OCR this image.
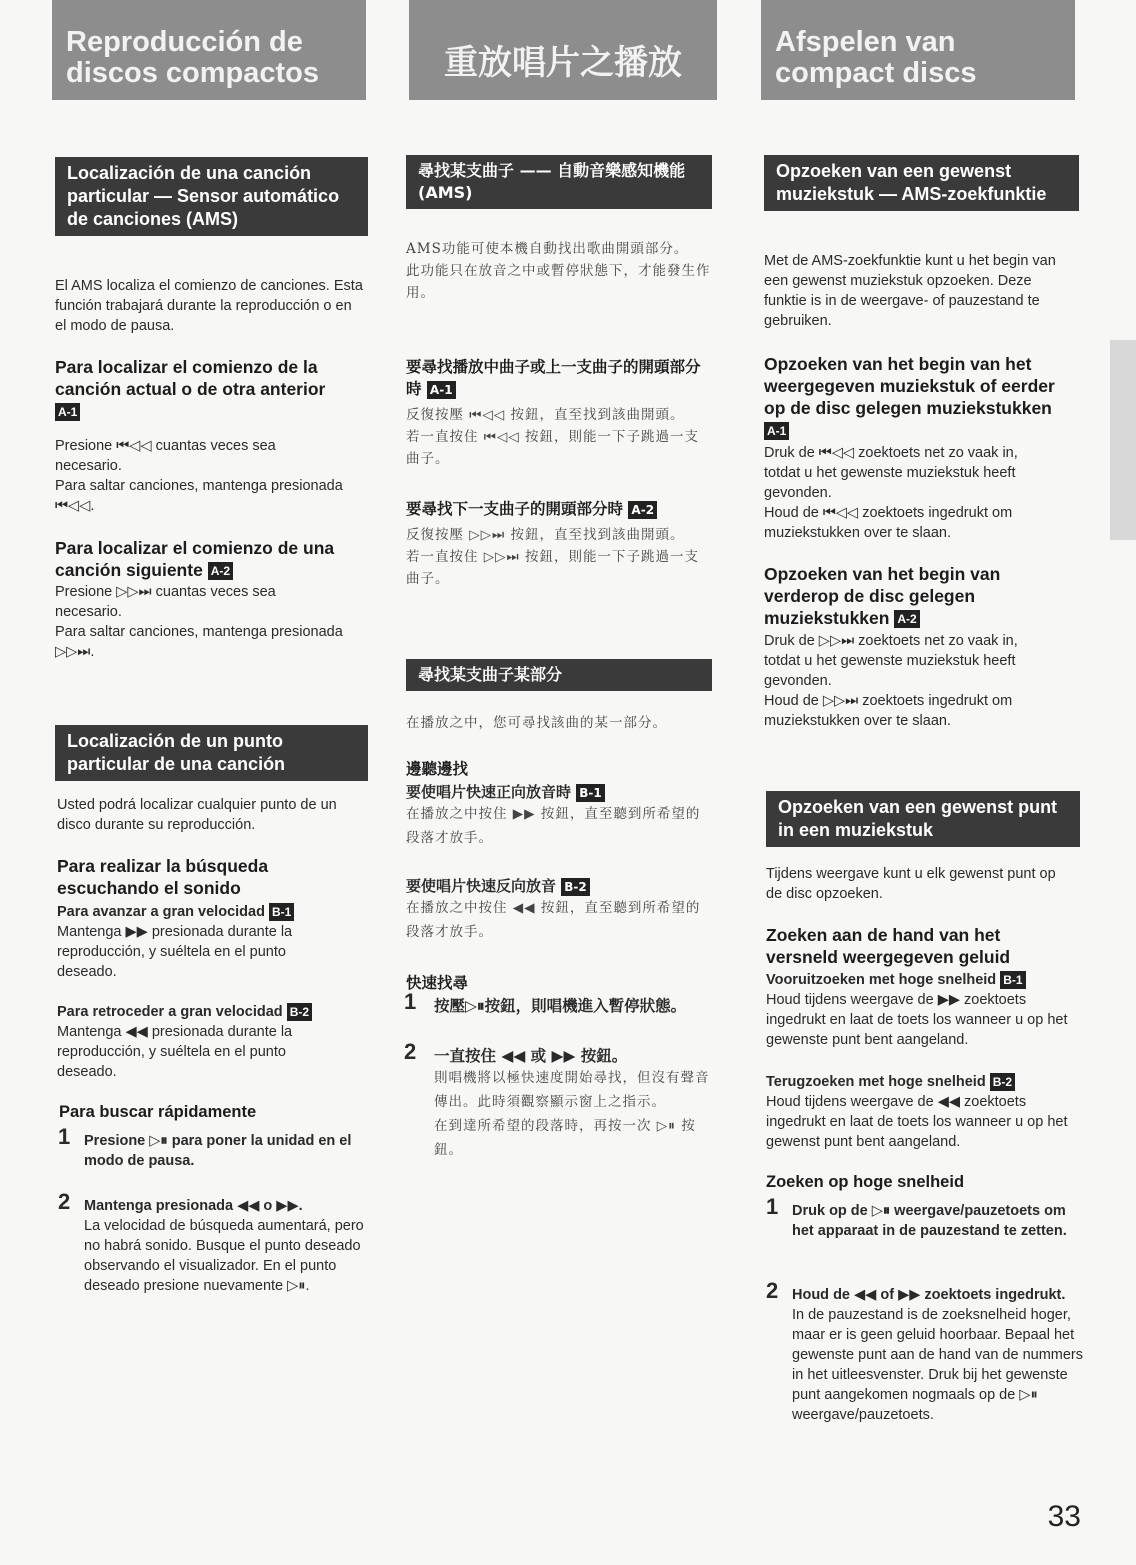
Reproducción de discos compactos
Localización de una canción particular — Sensor automático de canciones (AMS)
El AMS localiza el comienzo de canciones. Esta función trabajará durante la reproducción o en el modo de pausa.
Para localizar el comienzo de la canción actual o de otra anterior
A-1
Presione ⏮◁◁ cuantas veces sea necesario.
Para saltar canciones, mantenga presionada ⏮◁◁.
Para localizar el comienzo de una canción siguiente A-2
Presione ▷▷⏭ cuantas veces sea necesario.
Para saltar canciones, mantenga presionada ▷▷⏭.
Localización de un punto particular de una canción
Usted podrá localizar cualquier punto de un disco durante su reproducción.
Para realizar la búsqueda escuchando el sonido
Para avanzar a gran velocidad B-1
Mantenga ▶▶ presionada durante la reproducción, y suéltela en el punto deseado.
Para retroceder a gran velocidad B-2
Mantenga ◀◀ presionada durante la reproducción, y suéltela en el punto deseado.
Para buscar rápidamente
1 Presione ▷⏸ para poner la unidad en el modo de pausa.
2 Mantenga presionada ◀◀ o ▶▶.
La velocidad de búsqueda aumentará, pero no habrá sonido. Busque el punto deseado observando el visualizador. En el punto deseado presione nuevamente ▷⏸.
重放唱片之播放
尋找某支曲子 —— 自動音樂感知機能 (AMS)
AMS功能可使本機自動找出歌曲開頭部分。
此功能只在放音之中或暫停狀態下，才能發生作用。
要尋找播放中曲子或上一支曲子的開頭部分時 A-1
反復按壓 ⏮◁◁ 按鈕，直至找到該曲開頭。
若一直按住 ⏮◁◁ 按鈕，則能一下子跳過一支曲子。
要尋找下一支曲子的開頭部分時 A-2
反復按壓 ▷▷⏭ 按鈕，直至找到該曲開頭。
若一直按住 ▷▷⏭ 按鈕，則能一下子跳過一支曲子。
尋找某支曲子某部分
在播放之中，您可尋找該曲的某一部分。
邊聽邊找
要使唱片快速正向放音時 B-1
在播放之中按住 ▶▶ 按鈕，直至聽到所希望的段落才放手。
要使唱片快速反向放音 B-2
在播放之中按住 ◀◀ 按鈕，直至聽到所希望的段落才放手。
快速找尋
1 按壓▷⏸按鈕，則唱機進入暫停狀態。
2 一直按住 ◀◀ 或 ▶▶ 按鈕。
則唱機將以極快速度開始尋找，但沒有聲音傳出。此時須觀察顯示窗上之指示。
在到達所希望的段落時，再按一次 ▷⏸ 按鈕。
Afspelen van compact discs
Opzoeken van een gewenst muziekstuk — AMS-zoekfunktie
Met de AMS-zoekfunktie kunt u het begin van een gewenst muziekstuk opzoeken. Deze funktie is in de weergave- of pauzestand te gebruiken.
Opzoeken van het begin van het weergegeven muziekstuk of eerder op de disc gelegen muziekstukken
A-1
Druk de ⏮◁◁ zoektoets net zo vaak in, totdat u het gewenste muziekstuk heeft gevonden.
Houd de ⏮◁◁ zoektoets ingedrukt om muziekstukken over te slaan.
Opzoeken van het begin van verderop de disc gelegen muziekstukken A-2
Druk de ▷▷⏭ zoektoets net zo vaak in, totdat u het gewenste muziekstuk heeft gevonden.
Houd de ▷▷⏭ zoektoets ingedrukt om muziekstukken over te slaan.
Opzoeken van een gewenst punt in een muziekstuk
Tijdens weergave kunt u elk gewenst punt op de disc opzoeken.
Zoeken aan de hand van het versneld weergegeven geluid
Vooruitzoeken met hoge snelheid B-1
Houd tijdens weergave de ▶▶ zoektoets ingedrukt en laat de toets los wanneer u op het gewenste punt bent aangeland.
Terugzoeken met hoge snelheid B-2
Houd tijdens weergave de ◀◀ zoektoets ingedrukt en laat de toets los wanneer u op het gewenst punt bent aangeland.
Zoeken op hoge snelheid
1 Druk op de ▷⏸ weergave/pauzetoets om het apparaat in de pauzestand te zetten.
2 Houd de ◀◀ of ▶▶ zoektoets ingedrukt.
In de pauzestand is de zoeksnelheid hoger, maar er is geen geluid hoorbaar. Bepaal het gewenste punt aan de hand van de nummers in het uitleesvenster. Druk bij het gewenste punt aangekomen nogmaals op de ▷⏸ weergave/pauzetoets.
33
